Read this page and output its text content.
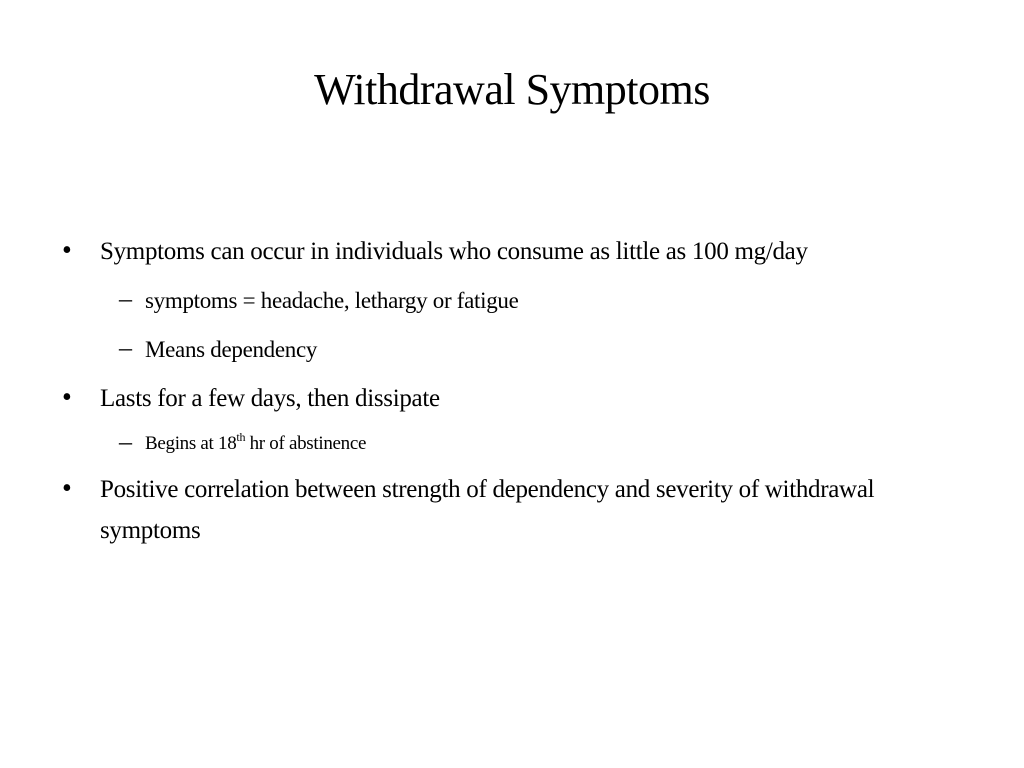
Withdrawal Symptoms
• Symptoms can occur in individuals who consume as little as 100 mg/day
– symptoms = headache, lethargy or fatigue
– Means dependency
• Lasts for a few days, then dissipate
– Begins at 18th hr of abstinence
• Positive correlation between strength of dependency and severity of withdrawal
symptoms
